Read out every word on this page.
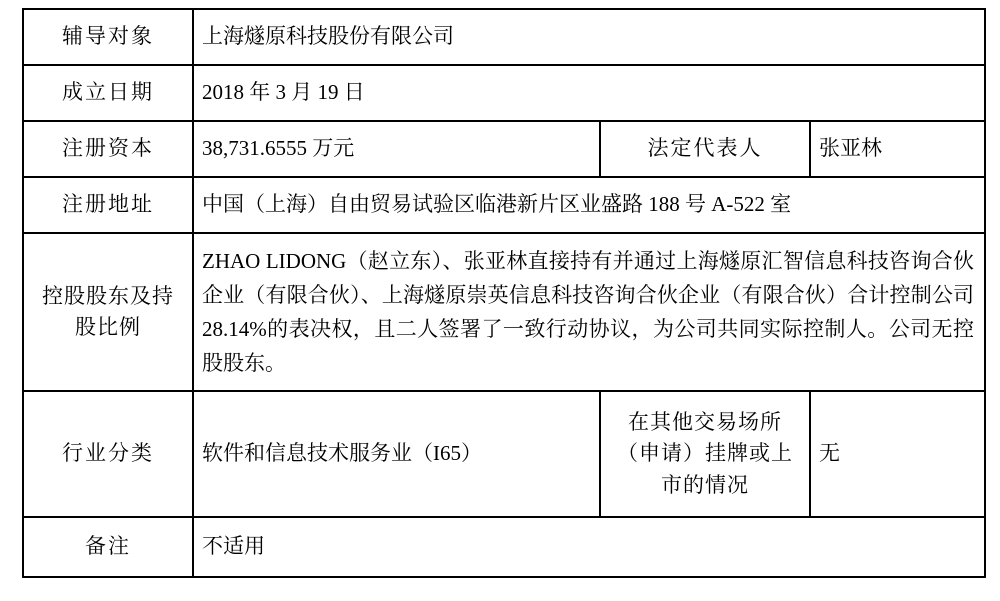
辅导对象	上海燧原科技股份有限公司		
成立日期	2018 年 3 月 19 日		
注册资本	38,731.6555 万元	法定代表人	张亚林
注册地址	中国（上海）自由贸易试验区临港新片区业盛路 188 号 A-522 室		
控股股东及持股比例	ZHAO LIDONG（赵立东）、张亚林直接持有并通过上海燧原汇智信息科技咨询合伙企业（有限合伙）、上海燧原崇英信息科技咨询合伙企业（有限合伙）合计控制公司 28.14%的表决权，且二人签署了一致行动协议，为公司共同实际控制人。公司无控股股东。		
行业分类	软件和信息技术服务业（I65）	在其他交易场所（申请）挂牌或上市的情况	无
备注	不适用		
